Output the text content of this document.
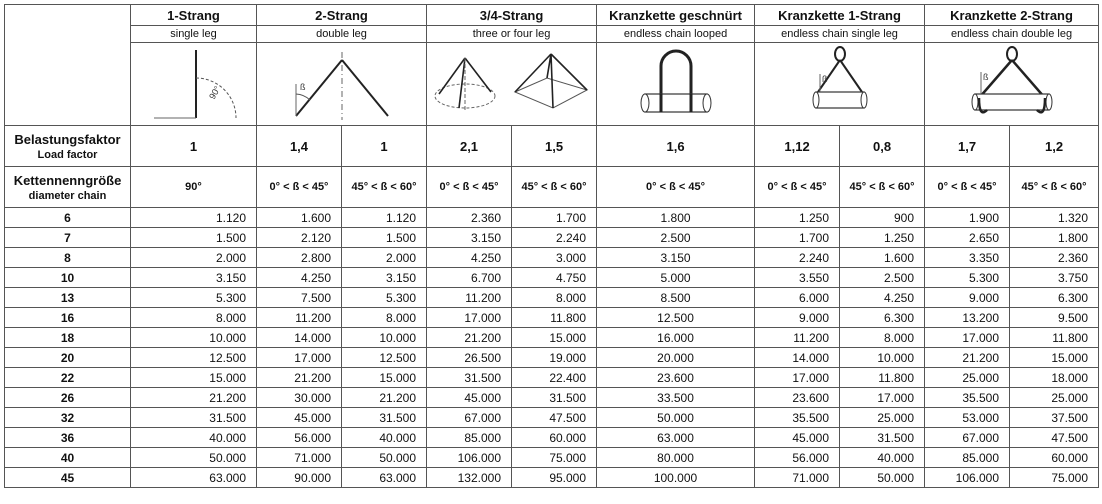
	1-Strang	2-Strang		3/4-Strang		Kranzkette geschnürt	Kranzkette 1-Strang		Kranzkette 2-Strang	
	single leg	double leg		three or four leg		endless chain looped	endless chain single leg		endless chain double leg	

90°	ß					ß		ß	

Belastungsfaktor
Load factor	1	1,4	1	2,1	1,5	1,6	1,12	0,8	1,7	1,2

Kettennenngröße
diameter chain	90°	0° < ß < 45°	45° < ß < 60°	0° < ß < 45°	45° < ß < 60°	0° < ß < 45°	0° < ß < 45°	45° < ß < 60°	0° < ß < 45°	45° < ß < 60°
6	1.120	1.600	1.120	2.360	1.700	1.800	1.250	900	1.900	1.320
7	1.500	2.120	1.500	3.150	2.240	2.500	1.700	1.250	2.650	1.800
8	2.000	2.800	2.000	4.250	3.000	3.150	2.240	1.600	3.350	2.360
10	3.150	4.250	3.150	6.700	4.750	5.000	3.550	2.500	5.300	3.750
13	5.300	7.500	5.300	11.200	8.000	8.500	6.000	4.250	9.000	6.300
16	8.000	11.200	8.000	17.000	11.800	12.500	9.000	6.300	13.200	9.500
18	10.000	14.000	10.000	21.200	15.000	16.000	11.200	8.000	17.000	11.800
20	12.500	17.000	12.500	26.500	19.000	20.000	14.000	10.000	21.200	15.000
22	15.000	21.200	15.000	31.500	22.400	23.600	17.000	11.800	25.000	18.000
26	21.200	30.000	21.200	45.000	31.500	33.500	23.600	17.000	35.500	25.000
32	31.500	45.000	31.500	67.000	47.500	50.000	35.500	25.000	53.000	37.500
36	40.000	56.000	40.000	85.000	60.000	63.000	45.000	31.500	67.000	47.500
40	50.000	71.000	50.000	106.000	75.000	80.000	56.000	40.000	85.000	60.000
45	63.000	90.000	63.000	132.000	95.000	100.000	71.000	50.000	106.000	75.000
